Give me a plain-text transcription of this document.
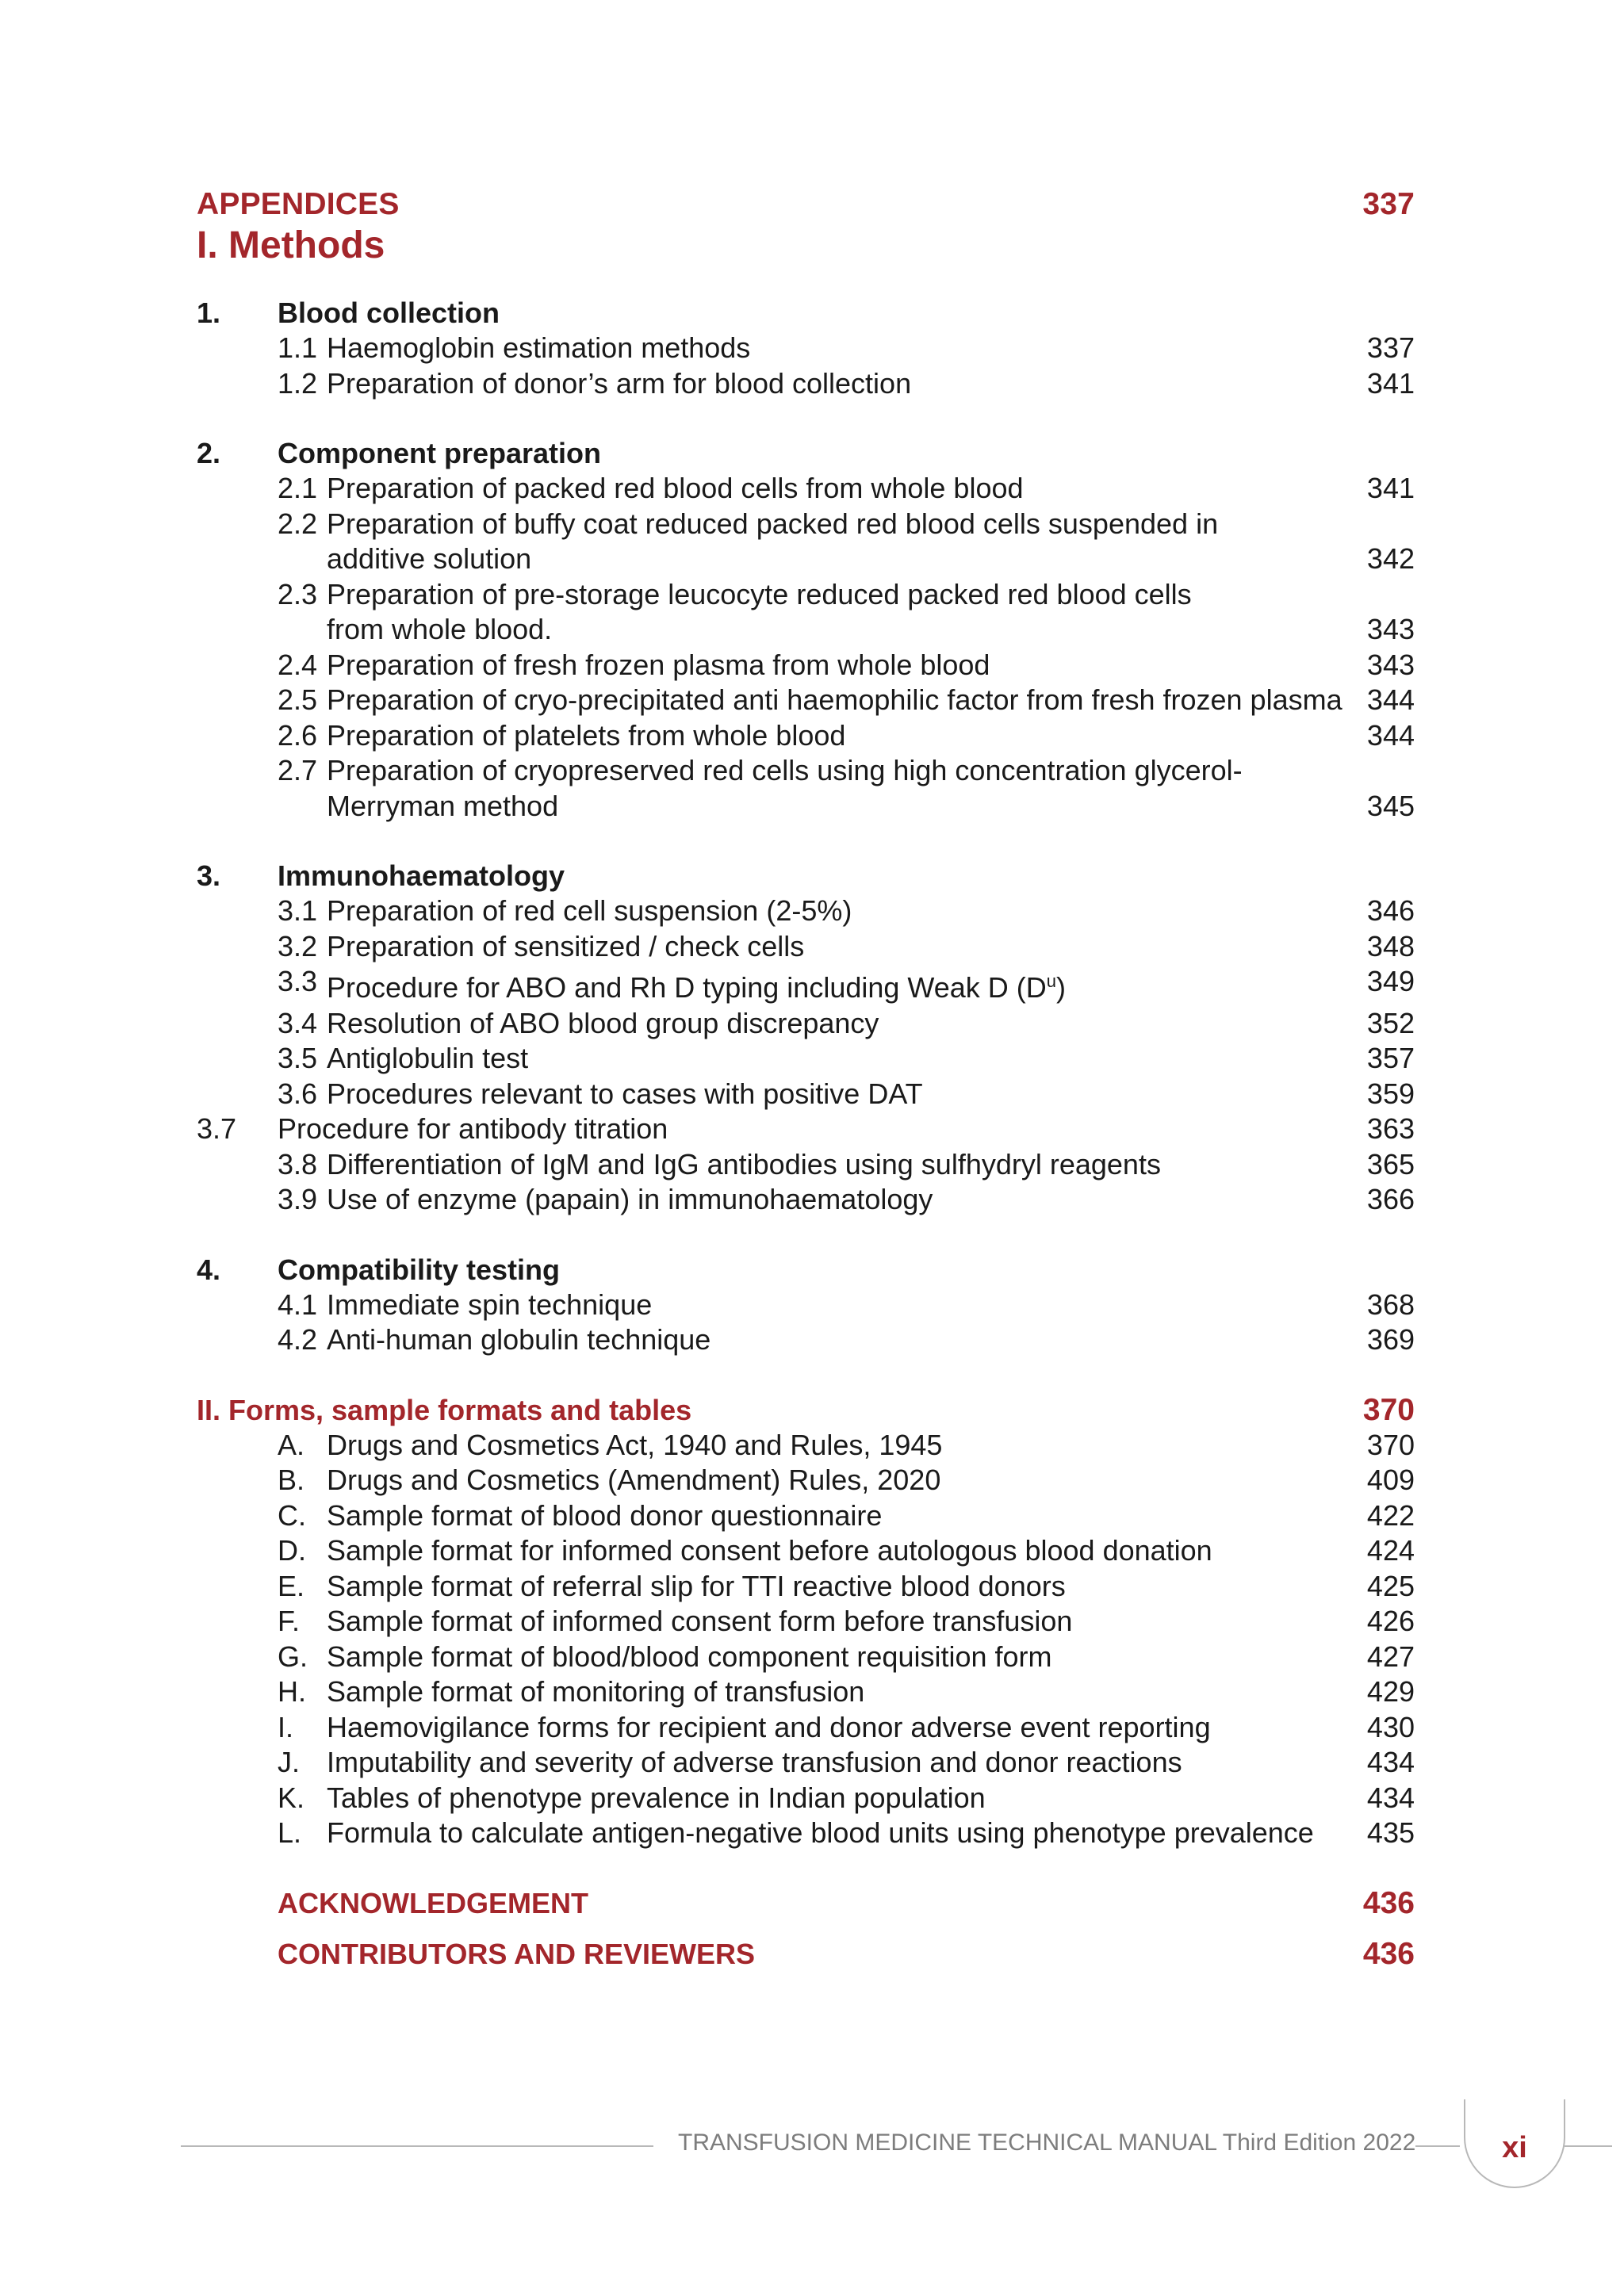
APPENDICES	337
I. Methods
1.	Blood collection
1.1 Haemoglobin estimation methods	337
1.2 Preparation of donor’s arm for blood collection	341
2.	Component preparation
2.1 Preparation of packed red blood cells from whole blood	341
2.2 Preparation of buffy coat reduced packed red blood cells suspended in
additive solution	342
2.3 Preparation of pre-storage leucocyte reduced packed red blood cells
from whole blood.	343
2.4 Preparation of fresh frozen plasma from whole blood	343
2.5 Preparation of cryo-precipitated anti haemophilic factor from fresh frozen plasma 344
2.6 Preparation of platelets from whole blood	344
2.7 Preparation of cryopreserved red cells using high concentration glycerol-
Merryman method	345
3.	Immunohaematology
3.1 Preparation of red cell suspension (2-5%)	346
3.2 Preparation of sensitized / check cells	348
3.3 Procedure for ABO and Rh D typing including Weak D $(D^u)$	349
3.4 Resolution of ABO blood group discrepancy	352
3.5 Antiglobulin test	357
3.6 Procedures relevant to cases with positive DAT	359
3.7	Procedure for antibody titration	363
3.8 Differentiation of IgM and IgG antibodies using sulfhydryl reagents	365
3.9 Use of enzyme (papain) in immunohaematology	366
4.	Compatibility testing
4.1 Immediate spin technique	368
4.2 Anti-human globulin technique	369
II. Forms, sample formats and tables	370
A. Drugs and Cosmetics Act, 1940 and Rules, 1945	370
B. Drugs and Cosmetics (Amendment) Rules, 2020	409
C. Sample format of blood donor questionnaire	422
D. Sample format for informed consent before autologous blood donation	424
E. Sample format of referral slip for TTI reactive blood donors	425
F. Sample format of informed consent form before transfusion	426
G. Sample format of blood/blood component requisition form	427
H. Sample format of monitoring of transfusion	429
I.	Haemovigilance forms for recipient and donor adverse event reporting	430
J. Imputability and severity of adverse transfusion and donor reactions	434
K. Tables of phenotype prevalence in Indian population	434
L. Formula to calculate antigen-negative blood units using phenotype prevalence 435
ACKNOWLEDGEMENT	436
CONTRIBUTORS AND REVIEWERS	436
TRANSFUSION MEDICINE TECHNICAL MANUAL Third Edition 2022	xi
